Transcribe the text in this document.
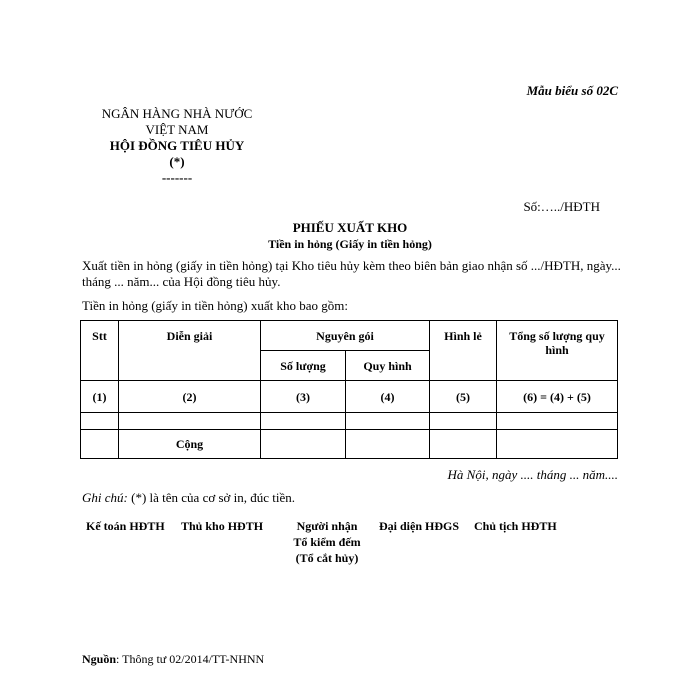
Mẫu biểu số 02C
NGÂN HÀNG NHÀ NƯỚC
VIỆT NAM
HỘI ĐỒNG TIÊU HỦY
(*)
-------
Số:…../HĐTH
PHIẾU XUẤT KHO
Tiền in hỏng (Giấy in tiền hỏng)
Xuất tiền in hỏng (giấy in tiền hỏng) tại Kho tiêu hủy kèm theo biên bản giao nhận số .../HĐTH, ngày... tháng ... năm... của Hội đồng tiêu hủy.
Tiền in hỏng (giấy in tiền hỏng) xuất kho bao gồm:
Stt	Diễn giải	Nguyên gói		Hình lẻ	Tổng số lượng quy hình
		Số lượng	Quy hình		
(1)	(2)	(3)	(4)	(5)	(6) = (4) + (5)

	Cộng				
Hà Nội, ngày .... tháng ... năm....
Ghi chú: (*) là tên của cơ sở in, đúc tiền.
Kế toán HĐTH Thủ kho HĐTH	Người nhận
Tổ kiểm đếm
(Tổ cắt hủy)
Đại diện HĐGS Chủ tịch HĐTH
Nguồn: Thông tư 02/2014/TT-NHNN
